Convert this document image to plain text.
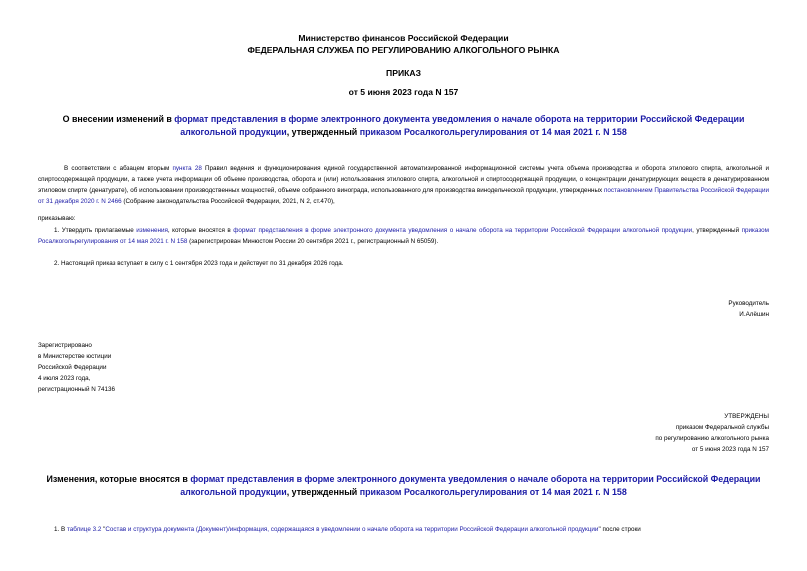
Министерство финансов Российской Федерации
ФЕДЕРАЛЬНАЯ СЛУЖБА ПО РЕГУЛИРОВАНИЮ АЛКОГОЛЬНОГО РЫНКА
ПРИКАЗ
от 5 июня 2023 года N 157
О внесении изменений в формат представления в форме электронного документа уведомления о начале оборота на территории Российской Федерации алкогольной продукции, утвержденный приказом Росалкогольрегулирования от 14 мая 2021 г. N 158
В соответствии с абзацем вторым пункта 28 Правил ведения и функционирования единой государственной автоматизированной информационной системы учета объема производства и оборота этилового спирта, алкогольной и спиртосодержащей продукции, а также учета информации об объеме производства, оборота и (или) использования этилового спирта, алкогольной и спиртосодержащей продукции, о концентрации денатурирующих веществ в денатурированном этиловом спирте (денатурате), об использовании производственных мощностей, объеме собранного винограда, использованного для производства винодельческой продукции, утвержденных постановлением Правительства Российской Федерации от 31 декабря 2020 г. N 2466 (Собрание законодательства Российской Федерации, 2021, N 2, ст.470),
приказываю:
1. Утвердить прилагаемые изменения, которые вносятся в формат представления в форме электронного документа уведомления о начале оборота на территории Российской Федерации алкогольной продукции, утвержденный приказом Росалкогольрегулирования от 14 мая 2021 г. N 158 (зарегистрирован Минюстом России 20 сентября 2021 г., регистрационный N 65059).
2. Настоящий приказ вступает в силу с 1 сентября 2023 года и действует по 31 декабря 2026 года.
Руководитель
И.Алёшин
Зарегистрировано
в Министерстве юстиции
Российской Федерации
4 июля 2023 года,
регистрационный N 74136
УТВЕРЖДЕНЫ
приказом Федеральной службы
по регулированию алкогольного рынка
от 5 июня 2023 года N 157
Изменения, которые вносятся в формат представления в форме электронного документа уведомления о начале оборота на территории Российской Федерации алкогольной продукции, утвержденный приказом Росалкогольрегулирования от 14 мая 2021 г. N 158
1. В таблице 3.2 "Состав и структура документа (Документ)/информация, содержащаяся в уведомлении о начале оборота на территории Российской Федерации алкогольной продукции" после строки
